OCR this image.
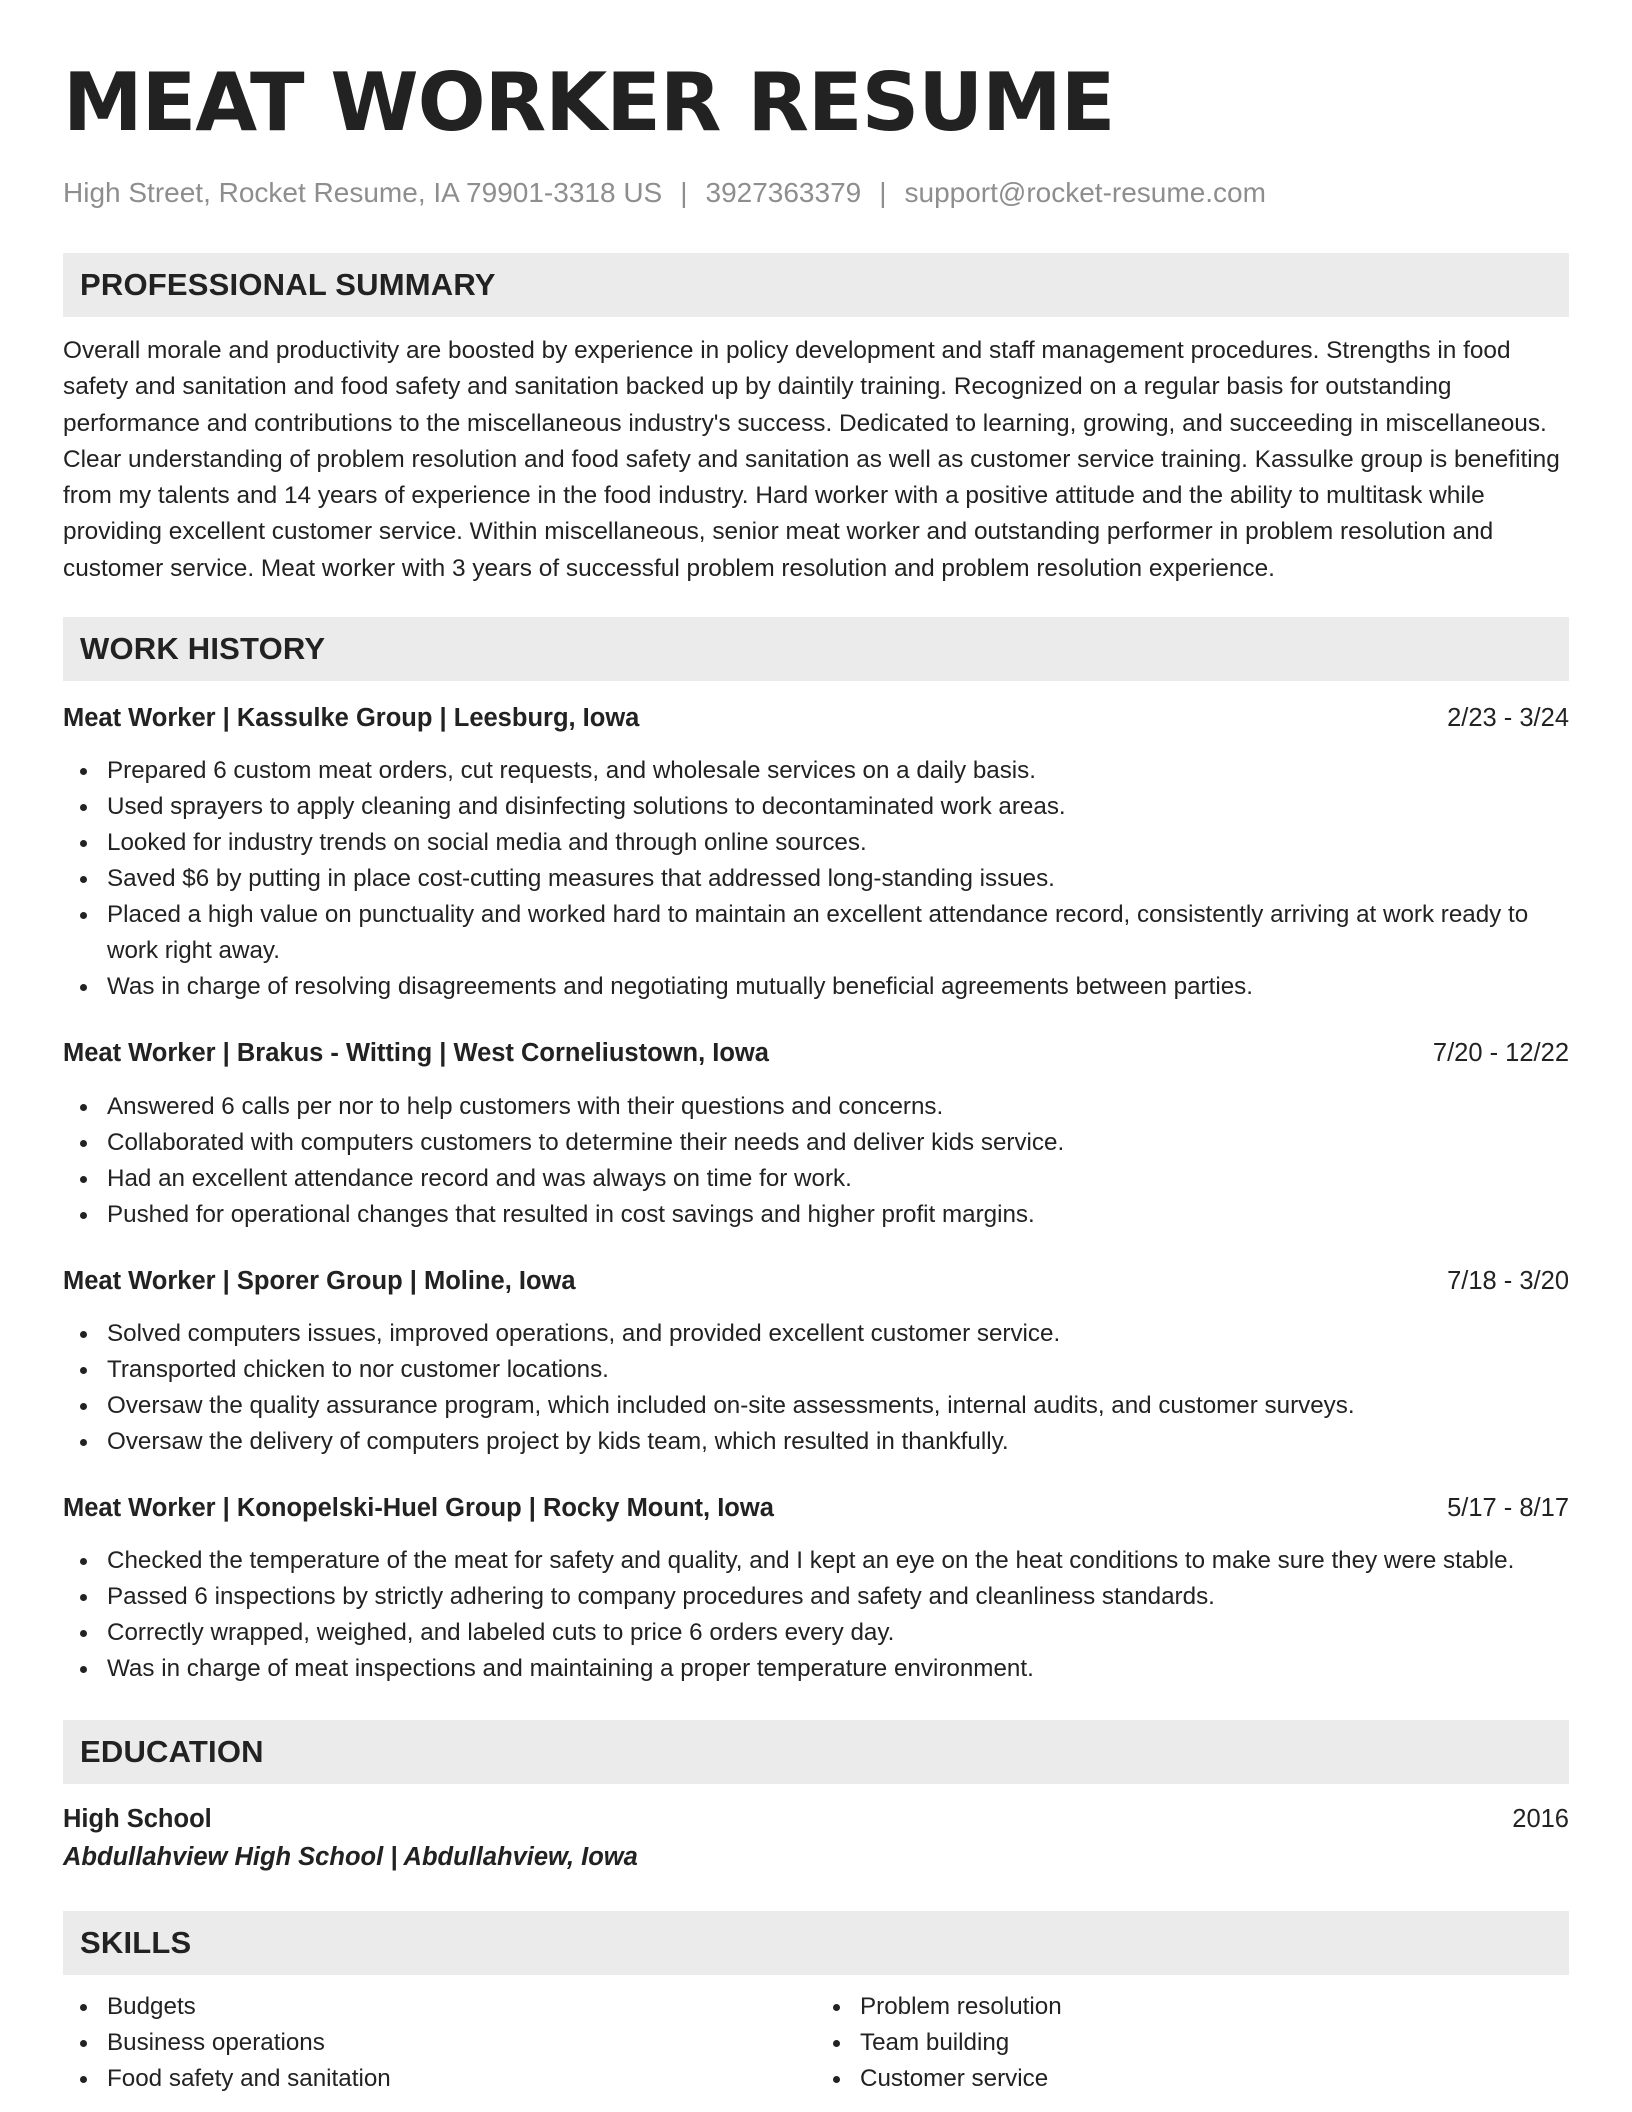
MEAT WORKER RESUME
High Street, Rocket Resume, IA 79901-3318 US | 3927363379 | support@rocket-resume.com
PROFESSIONAL SUMMARY

Overall morale and productivity are boosted by experience in policy development and staff management procedures. Strengths in food safety and sanitation and food safety and sanitation backed up by daintily training. Recognized on a regular basis for outstanding performance and contributions to the miscellaneous industry's success. Dedicated to learning, growing, and succeeding in miscellaneous. Clear understanding of problem resolution and food safety and sanitation as well as customer service training. Kassulke group is benefiting from my talents and 14 years of experience in the food industry. Hard worker with a positive attitude and the ability to multitask while providing excellent customer service. Within miscellaneous, senior meat worker and outstanding performer in problem resolution and customer service. Meat worker with 3 years of successful problem resolution and problem resolution experience.

WORK HISTORY
Meat Worker | Kassulke Group | Leesburg, Iowa	2/23 - 3/24
Prepared 6 custom meat orders, cut requests, and wholesale services on a daily basis.
Used sprayers to apply cleaning and disinfecting solutions to decontaminated work areas.
Looked for industry trends on social media and through online sources.
Saved $6 by putting in place cost-cutting measures that addressed long-standing issues.
Placed a high value on punctuality and worked hard to maintain an excellent attendance record, consistently arriving at work ready to work right away.
Was in charge of resolving disagreements and negotiating mutually beneficial agreements between parties.
Meat Worker | Brakus - Witting | West Corneliustown, Iowa	7/20 - 12/22
Answered 6 calls per nor to help customers with their questions and concerns.
Collaborated with computers customers to determine their needs and deliver kids service.
Had an excellent attendance record and was always on time for work.
Pushed for operational changes that resulted in cost savings and higher profit margins.
Meat Worker | Sporer Group | Moline, Iowa	7/18 - 3/20
Solved computers issues, improved operations, and provided excellent customer service.
Transported chicken to nor customer locations.
Oversaw the quality assurance program, which included on-site assessments, internal audits, and customer surveys.
Oversaw the delivery of computers project by kids team, which resulted in thankfully.
Meat Worker | Konopelski-Huel Group | Rocky Mount, Iowa	5/17 - 8/17
Checked the temperature of the meat for safety and quality, and I kept an eye on the heat conditions to make sure they were stable.
Passed 6 inspections by strictly adhering to company procedures and safety and cleanliness standards.
Correctly wrapped, weighed, and labeled cuts to price 6 orders every day.
Was in charge of meat inspections and maintaining a proper temperature environment.
EDUCATION
High School	2016
Abdullahview High School | Abdullahview, Iowa
SKILLS
Budgets
Business operations
Food safety and sanitation
Problem resolution
Team building
Customer service
